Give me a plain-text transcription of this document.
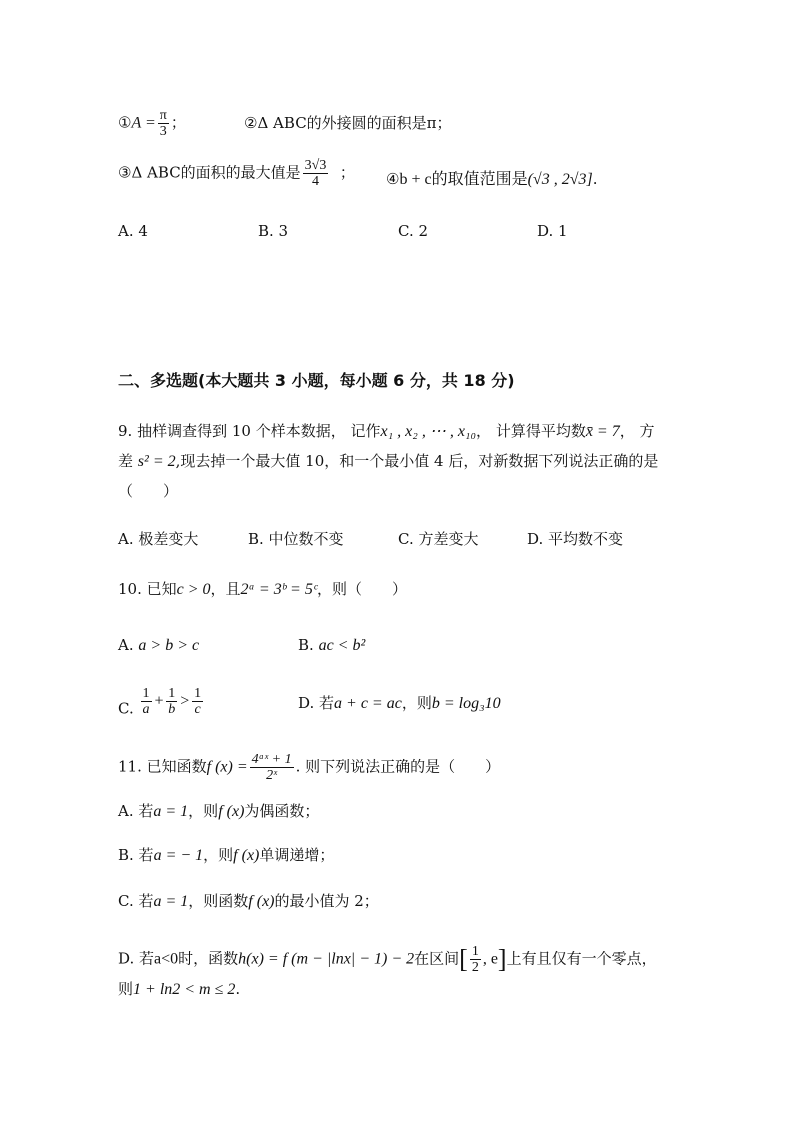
①A = $\frac{\pi}{3}$ ；	②Δ ABC的外接圆的面积是π；
③Δ ABC的面积的最大值是 $\frac{3√3}{4}$ ； ④b + c的取值范围是(√3 , 2√3].
A. 4	B. 3	C. 2	D. 1
二、多选题(本大题共 3 小题，每小题 6 分，共 18 分)
9. 抽样调查得到 10 个样本数据， 记作x₁ , x₂ , ⋯ , x₁₀， 计算得平均数x̄ = 7， 方
差 s² = 2,现去掉一个最大值 10，和一个最小值 4 后，对新数据下列说法正确的是
（　　）
A. 极差变大	B. 中位数不变	C. 方差变大	D. 平均数不变
10. 已知c > 0，且2ᵃ = 3ᵇ = 5ᶜ，则（　　）
A. a > b > c	B. ac < b²
C. $\frac{1}{a} + \frac{1}{b} > \frac{1}{c}$	D. 若a + c = ac，则b = log₃10
11. 已知函数f $(x) = \frac{\text{4ᵃˣ + 1}}{\text{2ˣ}}$ . 则下列说法正确的是（　　）
A. 若a = 1，则f (x)为偶函数；
B. 若a = − 1，则f (x)单调递增；
C. 若a = 1，则函数f (x)的最小值为 2；
D. 若a<0时，函数h(x) = f (m − |lnx| − 1) − 2在区间[ $\frac{1}{2}$ , e]上有且仅有一个零点，
则1 + ln2 < m ≤ 2.
